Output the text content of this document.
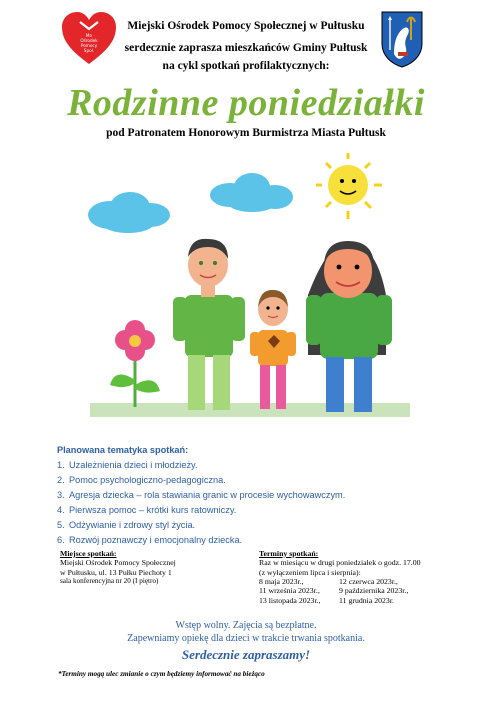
Mo
Ośrodek
Pomocy
Społ.
Miejski Ośrodek Pomocy Społecznej w Pułtusku
serdecznie zaprasza mieszkańców Gminy Pułtusk
na cykl spotkań profilaktycznych:
Rodzinne poniedziałki
pod Patronatem Honorowym Burmistrza Miasta Pułtusk
Planowana tematyka spotkań:
1. Uzależnienia dzieci i młodzieży.
2. Pomoc psychologiczno-pedagogiczna.
3. Agresja dziecka – rola stawiania granic w procesie wychowawczym.
4. Pierwsza pomoc – krótki kurs ratowniczy.
5. Odżywianie i zdrowy styl życia.
6. Rozwój poznawczy i emocjonalny dziecka.
Miejsce spotkań:
Miejski Ośrodek Pomocy Społecznej
w Pułtusku, ul. 13 Pułku Piechoty 1
sala konferencyjna nr 20 (I piętro)
Terminy spotkań:
Raz w miesiącu w drugi poniedziałek o godz. 17.00
(z wyłączeniem lipca i sierpnia):
8 maja 2023r.,	12 czerwca 2023r.,
11 września 2023r., 9 października 2023r.,
13 listopada 2023r., 11 grudnia 2023r.
Wstęp wolny. Zajęcia są bezpłatne.
Zapewniamy opiekę dla dzieci w trakcie trwania spotkania.
Serdecznie zapraszamy!
*Terminy mogą ulec zmianie o czym będziemy informować na bieżąco
